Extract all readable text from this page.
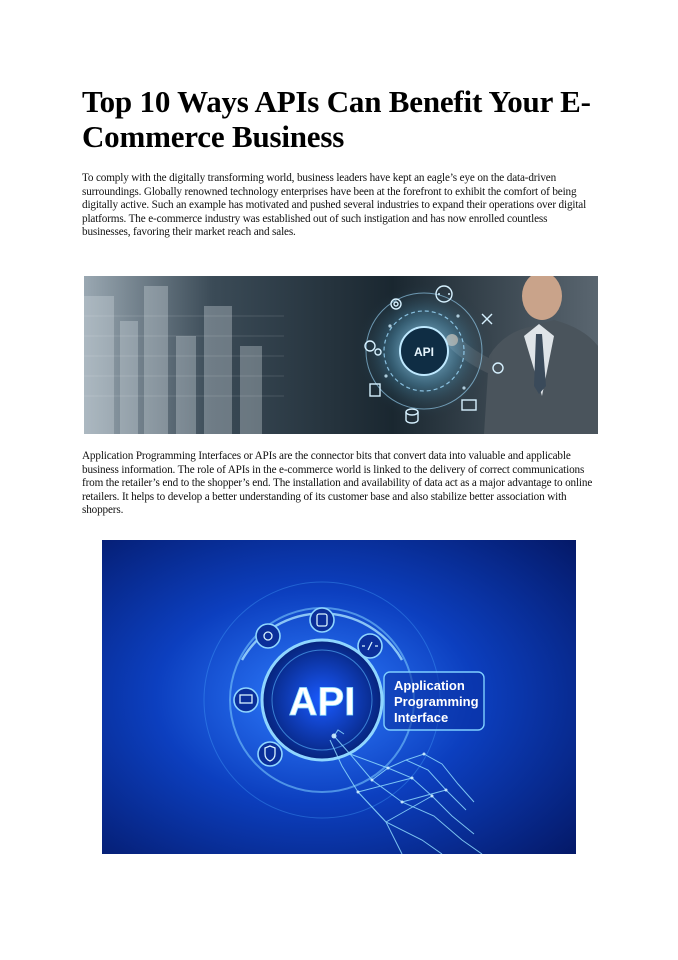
Top 10 Ways APIs Can Benefit Your E-Commerce Business

To comply with the digitally transforming world, business leaders have kept an eagle’s eye on the data-driven surroundings. Globally renowned technology enterprises have been at the forefront to exhibit the comfort of being digitally active. Such an example has motivated and pushed several industries to expand their operations over digital platforms. The e-commerce industry was established out of such instigation and has now enrolled countless businesses, favoring their market reach and sales.

API

Application Programming Interfaces or APIs are the connector bits that convert data into valuable and applicable business information. The role of APIs in the e-commerce world is linked to the delivery of correct communications from the retailer’s end to the shopper’s end. The installation and availability of data act as a major advantage to online retailers. It helps to develop a better understanding of its customer base and also stabilize better association with shoppers.

API	Application Programming Interface
